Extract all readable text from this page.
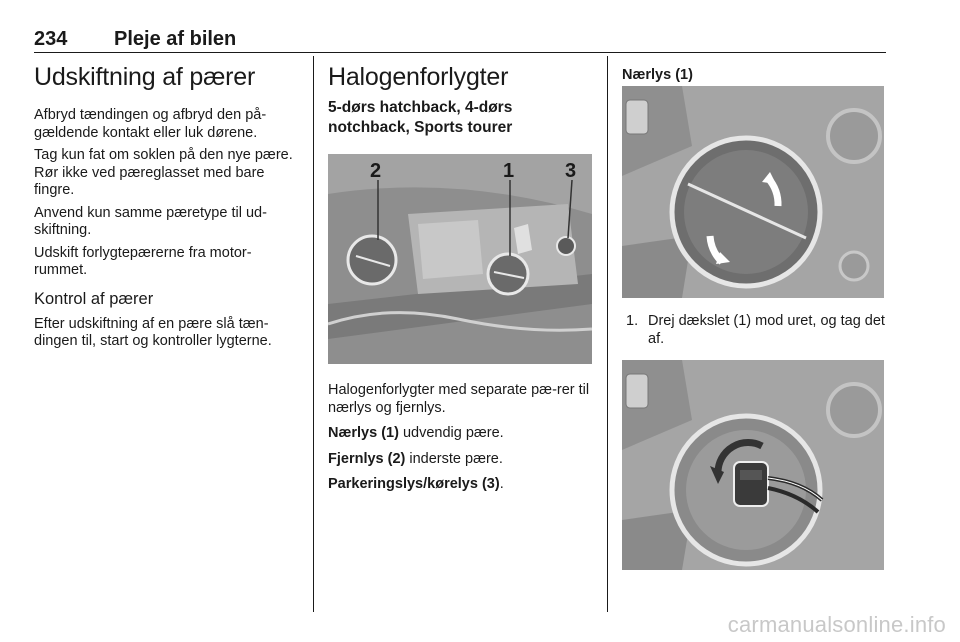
234 Pleje af bilen
Udskiftning af pærer

Afbryd tændingen og afbryd den på-gældende kontakt eller luk dørene.

Tag kun fat om soklen på den nye pære. Rør ikke ved pæreglasset med bare fingre.

Anvend kun samme pæretype til ud-skiftning.

Udskift forlygtepærerne fra motor-rummet.

Kontrol af pærer

Efter udskiftning af en pære slå tæn-dingen til, start og kontroller lygterne.

Halogenforlygter
5-dørs hatchback, 4-dørs notchback, Sports tourer
2	1	3

Halogenforlygter med separate pæ-rer til nærlys og fjernlys.

Nærlys (1) udvendig pære.

Fjernlys (2) inderste pære.

Parkeringslys/kørelys (3).

Nærlys (1)
1. Drej dækslet (1) mod uret, og tag det af.
carmanualsonline.info
